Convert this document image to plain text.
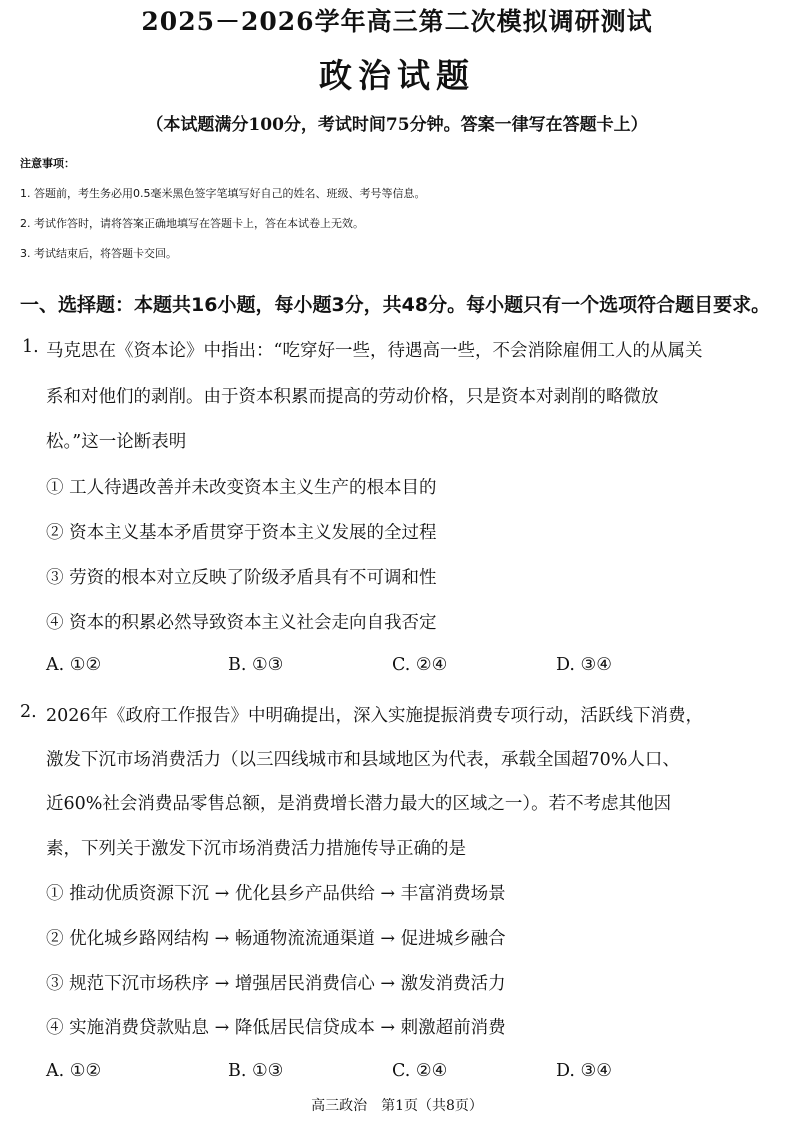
2025－2026学年高三第二次模拟调研测试
政治试题
（本试题满分100分，考试时间75分钟。答案一律写在答题卡上）
注意事项：
1. 答题前，考生务必用0.5毫米黑色签字笔填写好自己的姓名、班级、考号等信息。
2. 考试作答时，请将答案正确地填写在答题卡上，答在本试卷上无效。
3. 考试结束后，将答题卡交回。
一、选择题：本题共16小题，每小题3分，共48分。每小题只有一个选项符合题目要求。
1. 马克思在《资本论》中指出：“吃穿好一些，待遇高一些，不会消除雇佣工人的从属关
系和对他们的剥削。由于资本积累而提高的劳动价格，只是资本对剥削的略微放
松。”这一论断表明
① 工人待遇改善并未改变资本主义生产的根本目的
② 资本主义基本矛盾贯穿于资本主义发展的全过程
③ 劳资的根本对立反映了阶级矛盾具有不可调和性
④ 资本的积累必然导致资本主义社会走向自我否定
A. ①②	B. ①③	C. ②④	D. ③④
2. 2026年《政府工作报告》中明确提出，深入实施提振消费专项行动，活跃线下消费，
激发下沉市场消费活力（以三四线城市和县域地区为代表，承载全国超70%人口、
近60%社会消费品零售总额，是消费增长潜力最大的区域之一）。若不考虑其他因
素，下列关于激发下沉市场消费活力措施传导正确的是
① 推动优质资源下沉 → 优化县乡产品供给 → 丰富消费场景
② 优化城乡路网结构 → 畅通物流流通渠道 → 促进城乡融合
③ 规范下沉市场秩序 → 增强居民消费信心 → 激发消费活力
④ 实施消费贷款贴息 → 降低居民信贷成本 → 刺激超前消费
A. ①②	B. ①③	C. ②④	D. ③④
高三政治　第1页（共8页）
